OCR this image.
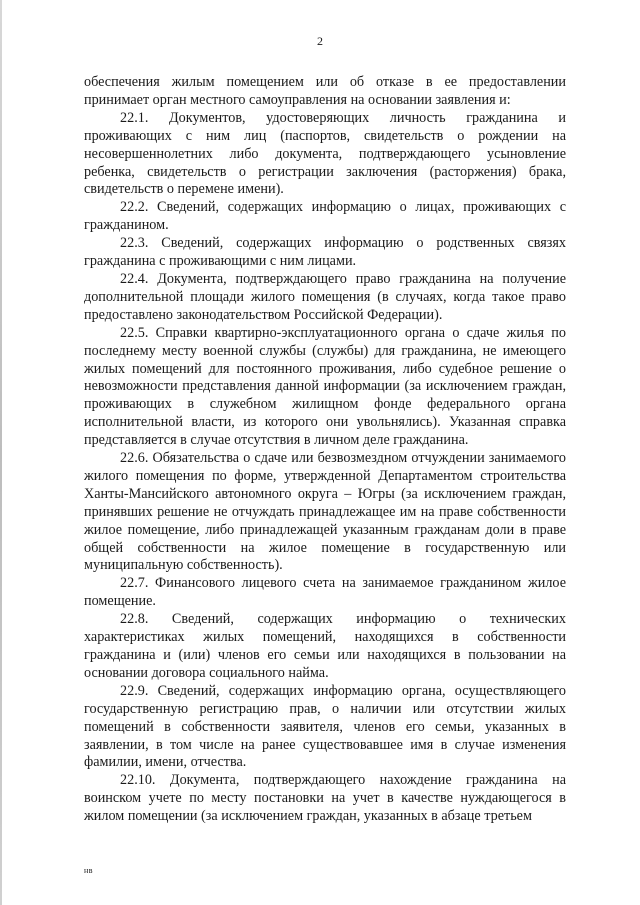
2

обеспечения жилым помещением или об отказе в ее предоставлении принимает орган местного самоуправления на основании заявления и:

22.1. Документов, удостоверяющих личность гражданина и проживающих с ним лиц (паспортов, свидетельств о рождении на несовершеннолетних либо документа, подтверждающего усыновление ребенка, свидетельств о регистрации заключения (расторжения) брака, свидетельств о перемене имени).

22.2. Сведений, содержащих информацию о лицах, проживающих с гражданином.

22.3. Сведений, содержащих информацию о родственных связях гражданина с проживающими с ним лицами.

22.4. Документа, подтверждающего право гражданина на получение дополнительной площади жилого помещения (в случаях, когда такое право предоставлено законодательством Российской Федерации).

22.5. Справки квартирно-эксплуатационного органа о сдаче жилья по последнему месту военной службы (службы) для гражданина, не имеющего жилых помещений для постоянного проживания, либо судебное решение о невозможности представления данной информации (за исключением граждан, проживающих в служебном жилищном фонде федерального органа исполнительной власти, из которого они увольнялись). Указанная справка представляется в случае отсутствия в личном деле гражданина.

22.6. Обязательства о сдаче или безвозмездном отчуждении занимаемого жилого помещения по форме, утвержденной Департаментом строительства Ханты-Мансийского автономного округа – Югры (за исключением граждан, принявших решение не отчуждать принадлежащее им на праве собственности жилое помещение, либо принадлежащей указанным гражданам доли в праве общей собственности на жилое помещение в государственную или муниципальную собственность).

22.7. Финансового лицевого счета на занимаемое гражданином жилое помещение.

22.8. Сведений, содержащих информацию о технических характеристиках жилых помещений, находящихся в собственности гражданина и (или) членов его семьи или находящихся в пользовании на основании договора социального найма.

22.9. Сведений, содержащих информацию органа, осуществляющего государственную регистрацию прав, о наличии или отсутствии жилых помещений в собственности заявителя, членов его семьи, указанных в заявлении, в том числе на ранее существовавшее имя в случае изменения фамилии, имени, отчества.

22.10. Документа, подтверждающего нахождение гражданина на воинском учете по месту постановки на учет в качестве нуждающегося в жилом помещении (за исключением граждан, указанных в абзаце третьем

нв
